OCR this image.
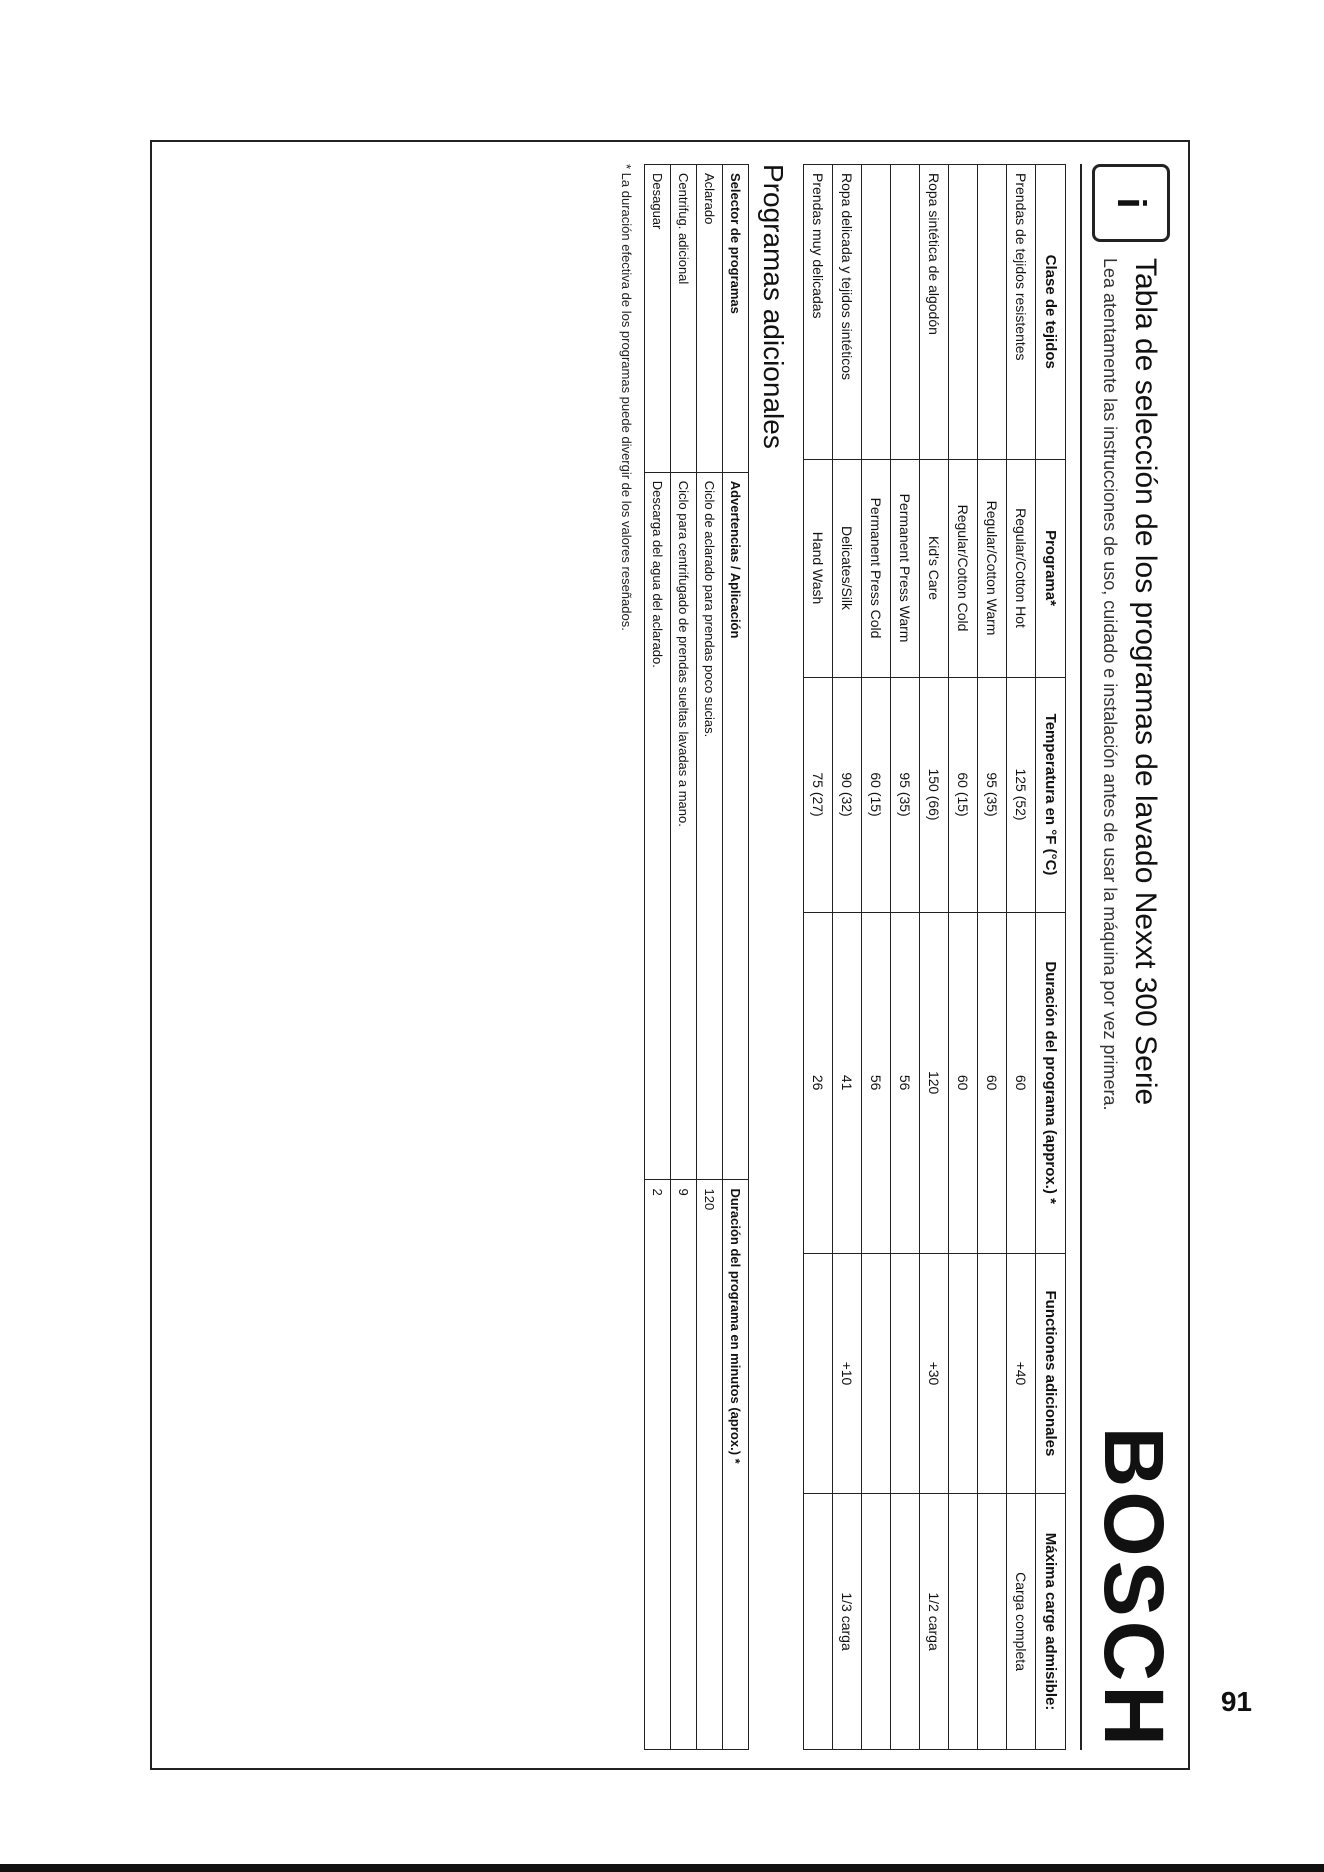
i
Tabla de selección de los programas de lavado Nexxt 300 Serie
Lea atentamente las instrucciones de uso, cuidado e instalación antes de usar la máquina por vez primera.
BOSCH
Clase de tejidos	Programa*	Temperatura en °F (°C)	Duración del programa (approx.) *	Functiones adicionales	Máxima carge admisible:
Prendas de tejidos resistentes	Regular/Cotton Hot	125 (52)	60	+40	Carga completa
	Regular/Cotton Warm	95 (35)	60		
	Regular/Cotton Cold	60 (15)	60		
Ropa sintética de algodón	Kid's Care	150 (66)	120	+30	1/2 carga
	Permanent Press Warm	95 (35)	56		
	Permanent Press Cold	60 (15)	56		
Ropa delicada y tejidos sintéticos	Delicates/Silk	90 (32)	41	+10	1/3 carga
Prendas muy delicadas	Hand Wash	75 (27)	26		
Programas adicionales
Selector de programas	Advertencias / Aplicación	Duración del programa en minutos (aprox.) *
Aclarado	Ciclo de aclarado para prendas poco sucias.	120
Centrifug. adicional	Ciclo para centrifugado de prendas sueltas lavadas a mano.	9
Desaguar	Descarga del agua del aclarado.	2
* La duración efectiva de los programas puede divergir de los valores reseñados.
91
